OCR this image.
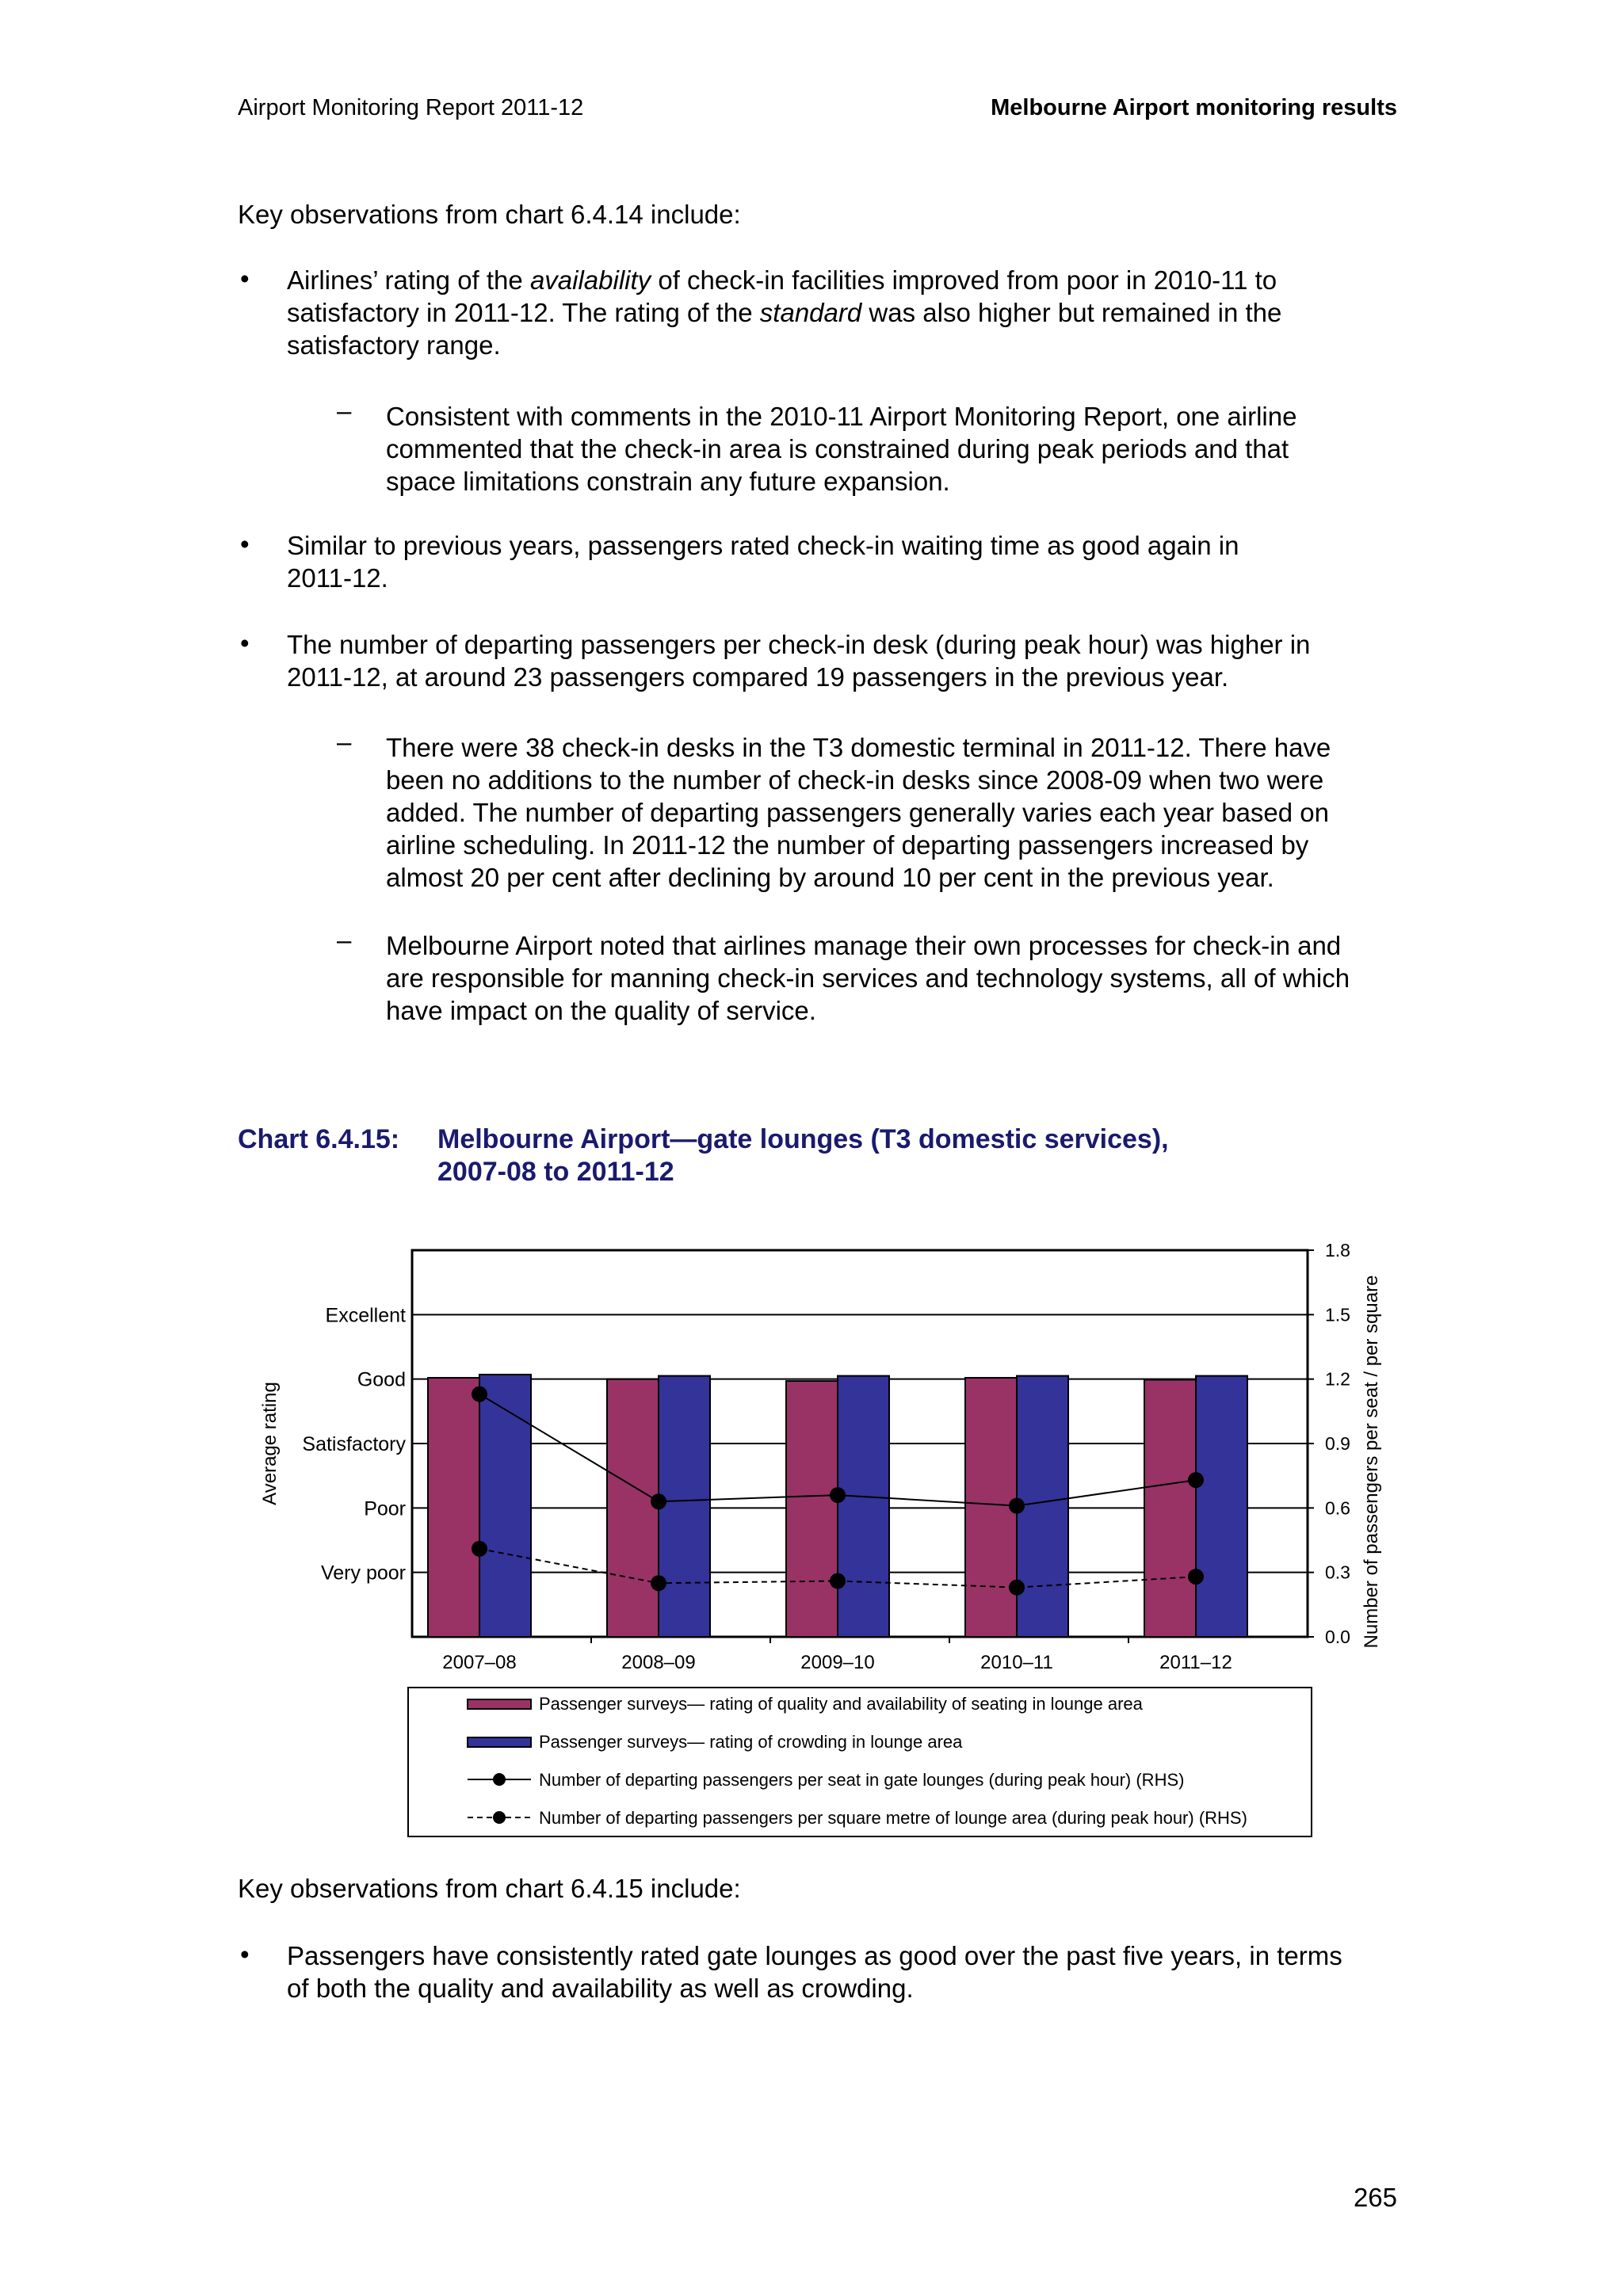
Airport Monitoring Report 2011-12	Melbourne Airport monitoring results
Key observations from chart 6.4.14 include:
• Airlines’ rating of the availability of check-in facilities improved from poor in 2010-11 to
satisfactory in 2011-12. The rating of the standard was also higher but remained in the
satisfactory range.
– Consistent with comments in the 2010-11 Airport Monitoring Report, one airline
commented that the check-in area is constrained during peak periods and that
space limitations constrain any future expansion.
• Similar to previous years, passengers rated check-in waiting time as good again in
2011-12.
• The number of departing passengers per check-in desk (during peak hour) was higher in
2011-12, at around 23 passengers compared 19 passengers in the previous year.
– There were 38 check-in desks in the T3 domestic terminal in 2011-12. There have
been no additions to the number of check-in desks since 2008-09 when two were
added. The number of departing passengers generally varies each year based on
airline scheduling. In 2011-12 the number of departing passengers increased by
almost 20 per cent after declining by around 10 per cent in the previous year.
– Melbourne Airport noted that airlines manage their own processes for check-in and
are responsible for manning check-in services and technology systems, all of which
have impact on the quality of service.
Chart 6.4.15: Melbourne Airport—gate lounges (T3 domestic services),
2007-08 to 2011-12
Very poor
Poor
Satisfactory
Good
Excellent
0.0
0.3
0.6
0.9
1.2
1.5
1.8
Average rating	Number of passengers per seat / per square
2007–08	2008–09	2009–10	2010–11	2011–12
Passenger surveys— rating of quality and availability of seating in lounge area
Passenger surveys— rating of crowding in lounge area
Number of departing passengers per seat in gate lounges (during peak hour) (RHS)
Number of departing passengers per square metre of lounge area (during peak hour) (RHS)
Key observations from chart 6.4.15 include:
• Passengers have consistently rated gate lounges as good over the past five years, in terms
of both the quality and availability as well as crowding.
265
